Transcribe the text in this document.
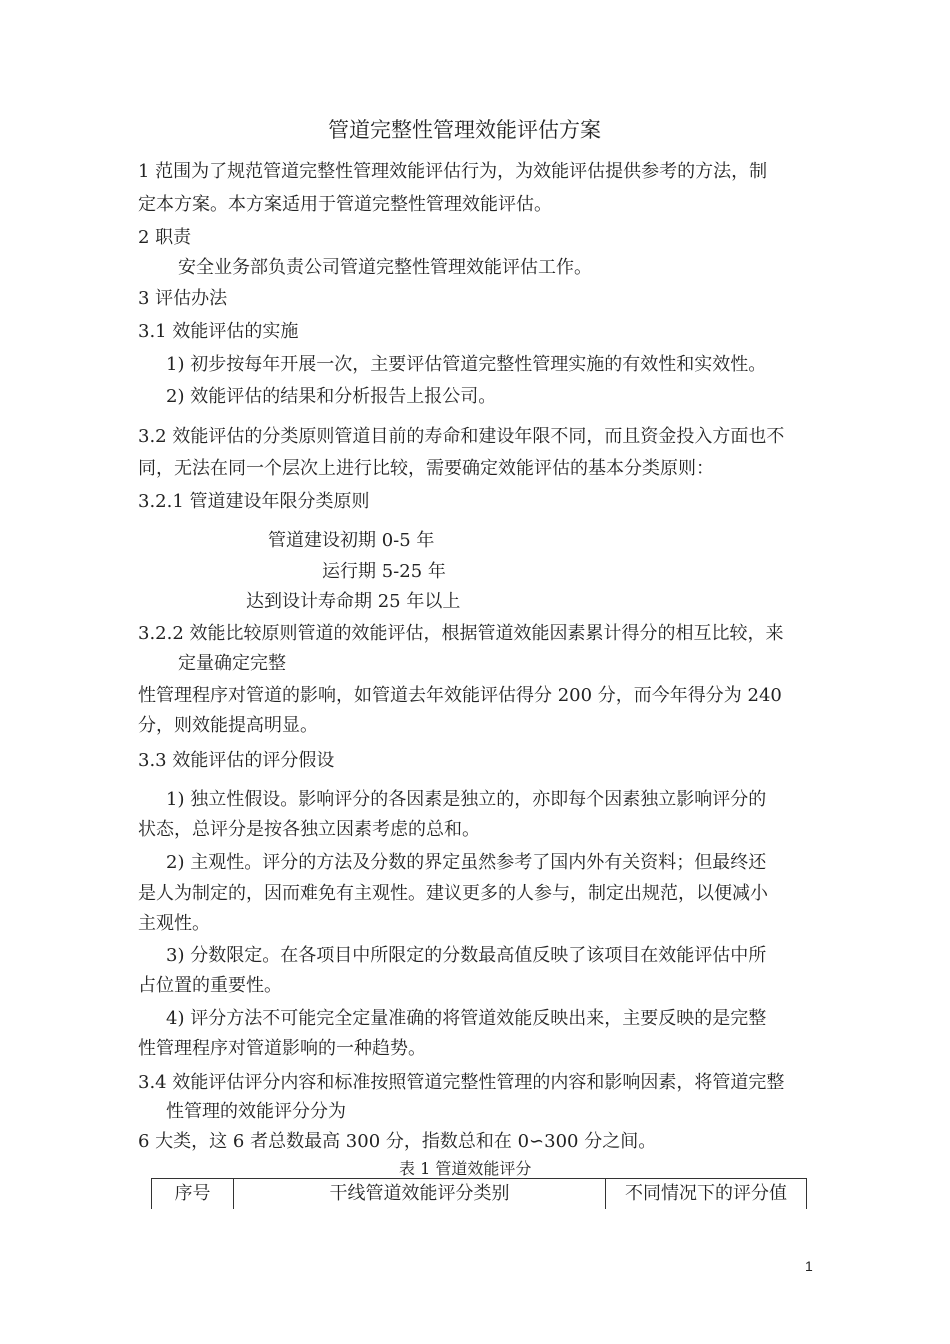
管道完整性管理效能评估方案
1 范围为了规范管道完整性管理效能评估行为，为效能评估提供参考的方法，制
定本方案。本方案适用于管道完整性管理效能评估。
2 职责
安全业务部负责公司管道完整性管理效能评估工作。
3 评估办法
3.1 效能评估的实施
1) 初步按每年开展一次，主要评估管道完整性管理实施的有效性和实效性。
2) 效能评估的结果和分析报告上报公司。
3.2 效能评估的分类原则管道目前的寿命和建设年限不同，而且资金投入方面也不
同，无法在同一个层次上进行比较，需要确定效能评估的基本分类原则：
3.2.1 管道建设年限分类原则
管道建设初期 0-5 年
运行期 5-25 年
达到设计寿命期 25 年以上
3.2.2 效能比较原则管道的效能评估，根据管道效能因素累计得分的相互比较，来
定量确定完整
性管理程序对管道的影响，如管道去年效能评估得分 200 分，而今年得分为 240
分，则效能提高明显。
3.3 效能评估的评分假设
1) 独立性假设。影响评分的各因素是独立的，亦即每个因素独立影响评分的
状态，总评分是按各独立因素考虑的总和。
2) 主观性。评分的方法及分数的界定虽然参考了国内外有关资料；但最终还
是人为制定的，因而难免有主观性。建议更多的人参与，制定出规范，以便减小
主观性。
3) 分数限定。在各项目中所限定的分数最高值反映了该项目在效能评估中所
占位置的重要性。
4) 评分方法不可能完全定量准确的将管道效能反映出来，主要反映的是完整
性管理程序对管道影响的一种趋势。
3.4 效能评估评分内容和标准按照管道完整性管理的内容和影响因素，将管道完整
性管理的效能评分分为
6 大类，这 6 者总数最高 300 分，指数总和在 0∽300 分之间。
表 1 管道效能评分
序号	干线管道效能评分类别	不同情况下的评分值
1
